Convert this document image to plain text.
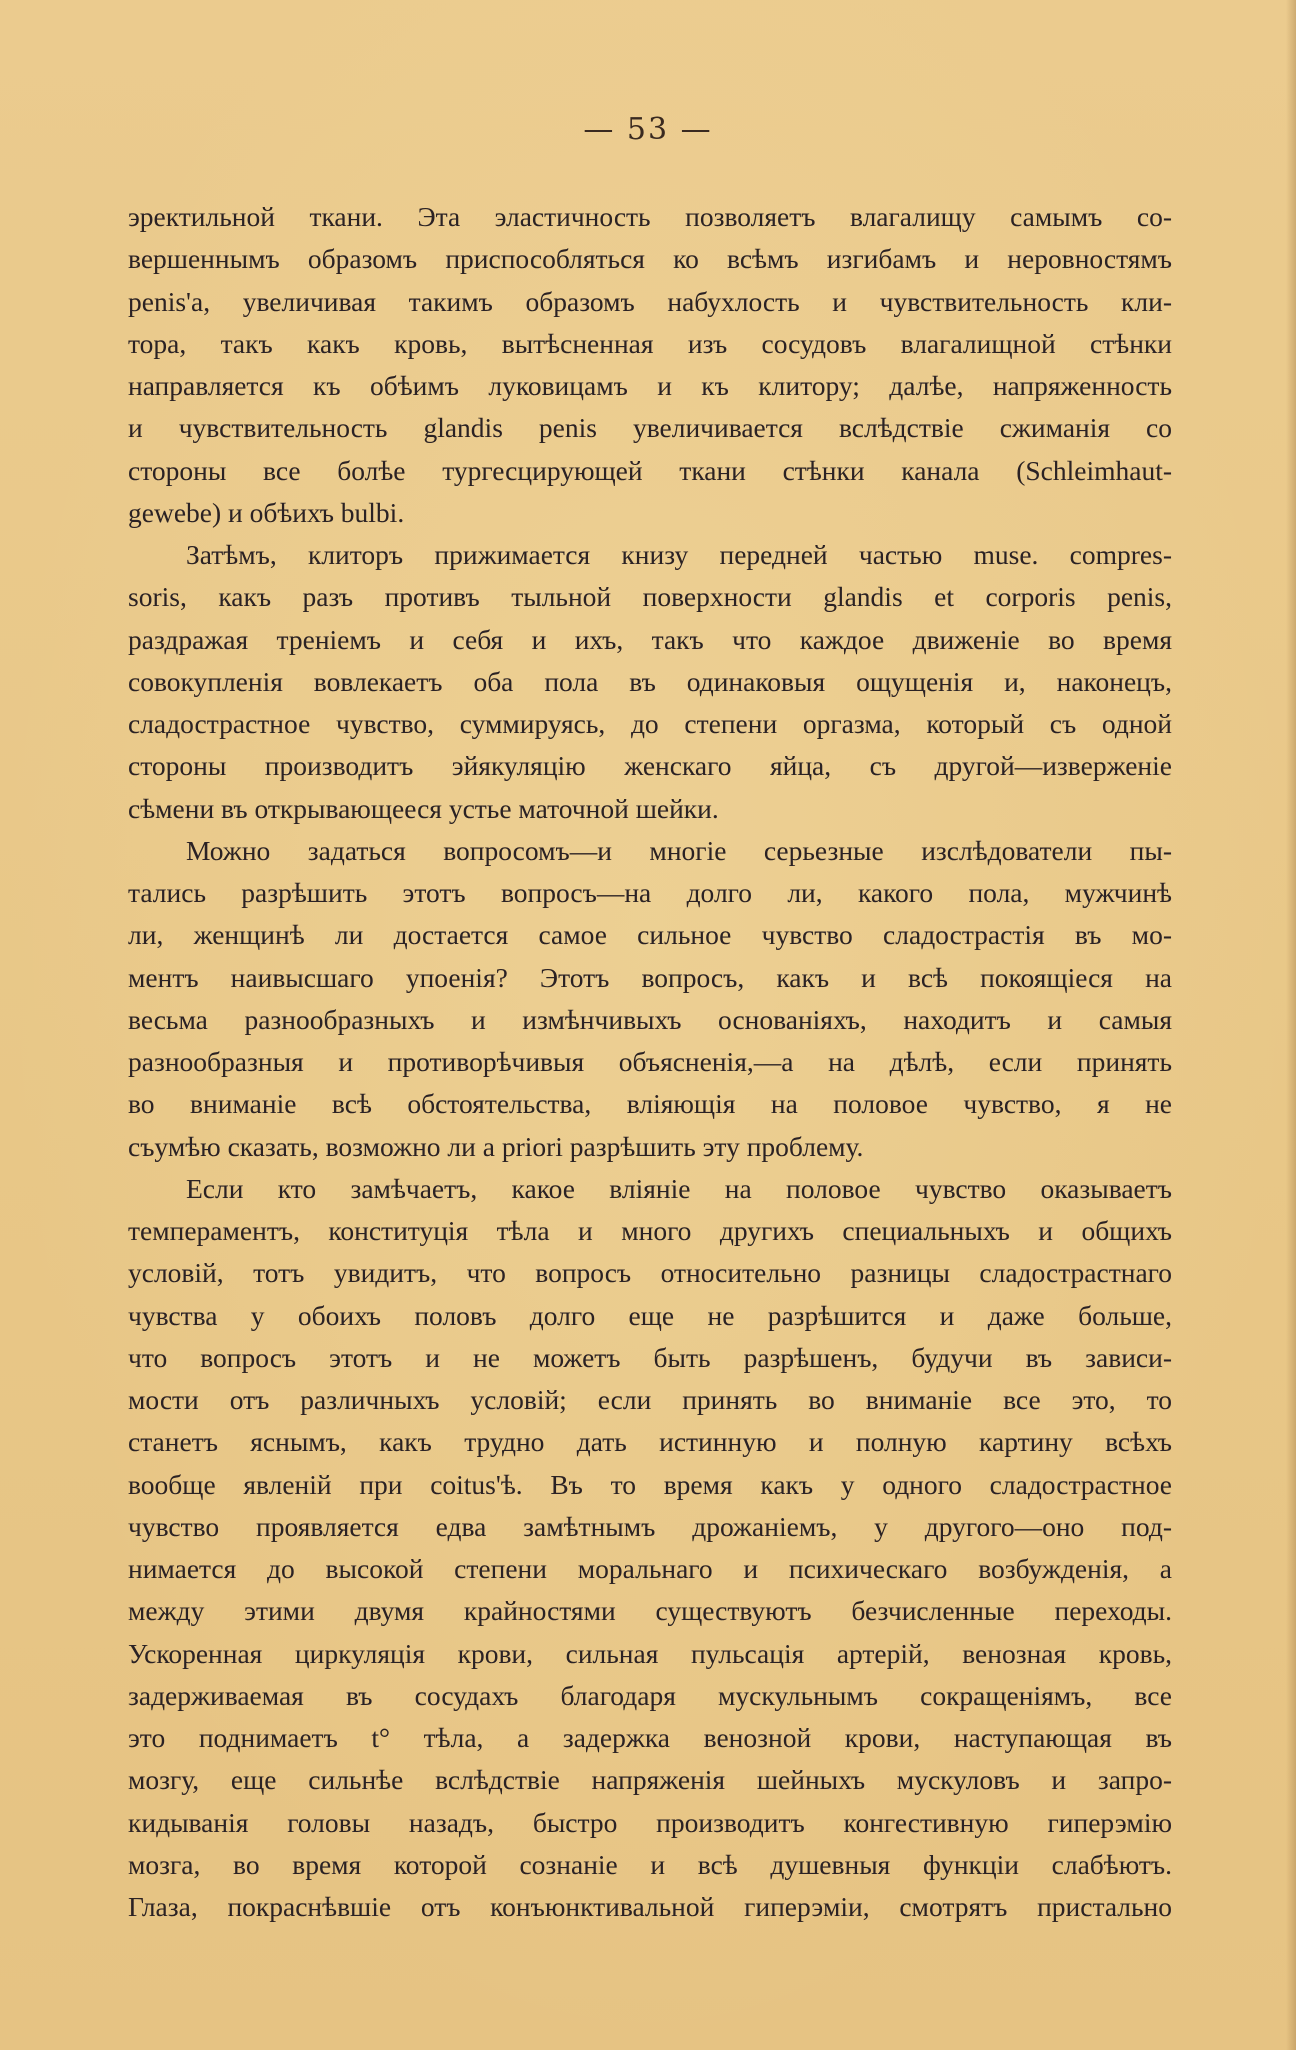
— 53 —
эректильной ткани. Эта эластичность позволяетъ влагалищу самымъ со-
вершеннымъ образомъ приспособляться ко всѣмъ изгибамъ и неровностямъ
penis'а, увеличивая такимъ образомъ набухлость и чувствительность кли-
тора, такъ какъ кровь, вытѣсненная изъ сосудовъ влагалищной стѣнки
направляется къ обѣимъ луковицамъ и къ клитору; далѣе, напряженность
и чувствительность glandis penis увеличивается вслѣдствіе сжиманія со
стороны все болѣе тургесцирующей ткани стѣнки канала (Schleimhaut-
gewebe) и обѣихъ bulbi.
Затѣмъ, клиторъ прижимается книзу передней частью muse. compres-
soris, какъ разъ противъ тыльной поверхности glandis et corporis penis,
раздражая треніемъ и себя и ихъ, такъ что каждое движеніе во время
совокупленія вовлекаетъ оба пола въ одинаковыя ощущенія и, наконецъ,
сладострастное чувство, суммируясь, до степени оргазма, который съ одной
стороны производитъ эйякуляцію женскаго яйца, съ другой—изверженіе
сѣмени въ открывающееся устье маточной шейки.
Можно задаться вопросомъ—и многіе серьезные изслѣдователи пы-
тались разрѣшить этотъ вопросъ—на долго ли, какого пола, мужчинѣ
ли, женщинѣ ли достается самое сильное чувство сладострастія въ мо-
ментъ наивысшаго упоенія? Этотъ вопросъ, какъ и всѣ покоящіеся на
весьма разнообразныхъ и измѣнчивыхъ основаніяхъ, находитъ и самыя
разнообразныя и противорѣчивыя объясненія,—а на дѣлѣ, если принять
во вниманіе всѣ обстоятельства, вліяющія на половое чувство, я не
съумѣю сказать, возможно ли a priori разрѣшить эту проблему.
Если кто замѣчаетъ, какое вліяніе на половое чувство оказываетъ
темпераментъ, конституція тѣла и много другихъ специальныхъ и общихъ
условій, тотъ увидитъ, что вопросъ относительно разницы сладострастнаго
чувства у обоихъ половъ долго еще не разрѣшится и даже больше,
что вопросъ этотъ и не можетъ быть разрѣшенъ, будучи въ зависи-
мости отъ различныхъ условій; если принять во вниманіе все это, то
станетъ яснымъ, какъ трудно дать истинную и полную картину всѣхъ
вообще явленій при coitus'ѣ. Въ то время какъ у одного сладострастное
чувство проявляется едва замѣтнымъ дрожаніемъ, у другого—оно под-
нимается до высокой степени моральнаго и психическаго возбужденія, а
между этими двумя крайностями существуютъ безчисленные переходы.
Ускоренная циркуляція крови, сильная пульсація артерій, венозная кровь,
задерживаемая въ сосудахъ благодаря мускульнымъ сокращеніямъ, все
это поднимаетъ t° тѣла, а задержка венозной крови, наступающая въ
мозгу, еще сильнѣе вслѣдствіе напряженія шейныхъ мускуловъ и запро-
кидыванія головы назадъ, быстро производитъ конгестивную гиперэмію
мозга, во время которой сознаніе и всѣ душевныя функціи слабѣютъ.
Глаза, покраснѣвшіе отъ конъюнктивальной гиперэміи, смотрятъ пристально
